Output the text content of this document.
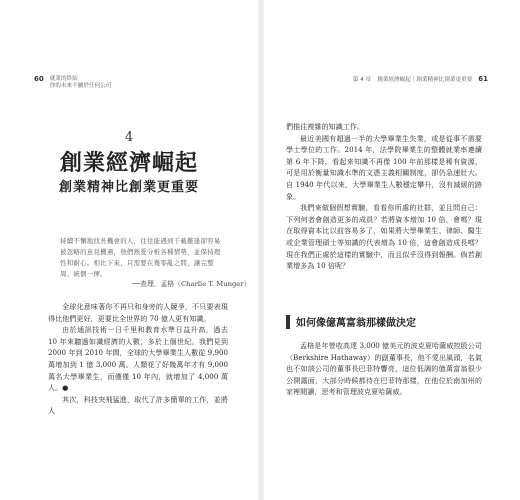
60 就業的終結
你的未來不屬於任何公司
4
創業經濟崛起
創業精神比創業更重要
持續不懈地找長機會的人，往往能遇到千載難逢卻容易被忽略的意見機遇，他們熱愛分析各種情勢，並保持理性和耐心。相比下來，只需要在幾零亂之間，讓完整周、統個一揮。
──查理．孟格（Charlie T. Munger）

全球化意味著你不再只和身旁的人競爭，不只要表現得比他們更好，更要比全世界的 70 億人更有知識。

由於通訊技術一日千里和教育水準日益升高，過去 10 年來聽過如識經濟的人數，多於上個世紀。我們見到 2000 年到 2010 年間，全球的大學畢業生人數從 9,900 萬增加到 1 億 3,000 萬。人類花了好幾萬年才有 9,000 萬名大學畢業生，而僅僅 10 年內，就增加了 4,000 萬人。●

其次，科技突飛猛進，取代了許多簡單的工作，並將人

第 4 章 創業經濟崛起｜創業精神比創業更重要 61

們推往複雜的知識工作。

最近美國有超過一半的大學畢業生失業，或是從事不需要學士學位的工作。2014 年，法學院畢業生的整體就業率連續第 6 年下降，看起來知識不再像 100 年前那樣是稀有資源，可是用於衡量知識水準的文憑主義相關制度，卻仍急速壯大。自 1940 年代以來，大學畢業生人數穩定攀升，沒有減緩的跡象。

我們來做個假想實驗，看看你所處的社群，並且問自己：下列何者會創造更多的成員？若將資本增加 10 倍，會嗎？現在取得資本比以前容易多了，如果將大學畢業生、律師、醫生或企業管理碩士等知識的代表增為 10 倍，這會創造成長嗎？現在我們正處於這樣的實驗中，而且似乎沒得到報酬。倘若創業增多為 10 倍呢？

如何像億萬富翁那樣做決定

孟格是年營收高達 3,000 億美元的波克夏哈薩威控股公司（Berkshire Hathaway）的副董事長，他不愛出風頭，名氣也不如該公司的董事長巴菲特響亮，這位低調的億萬富翁很少公開露面，大部分時候都待在巴菲特那樣，在他位於南加州的家裡閱讀，思考和管理波克夏哈薩威。
